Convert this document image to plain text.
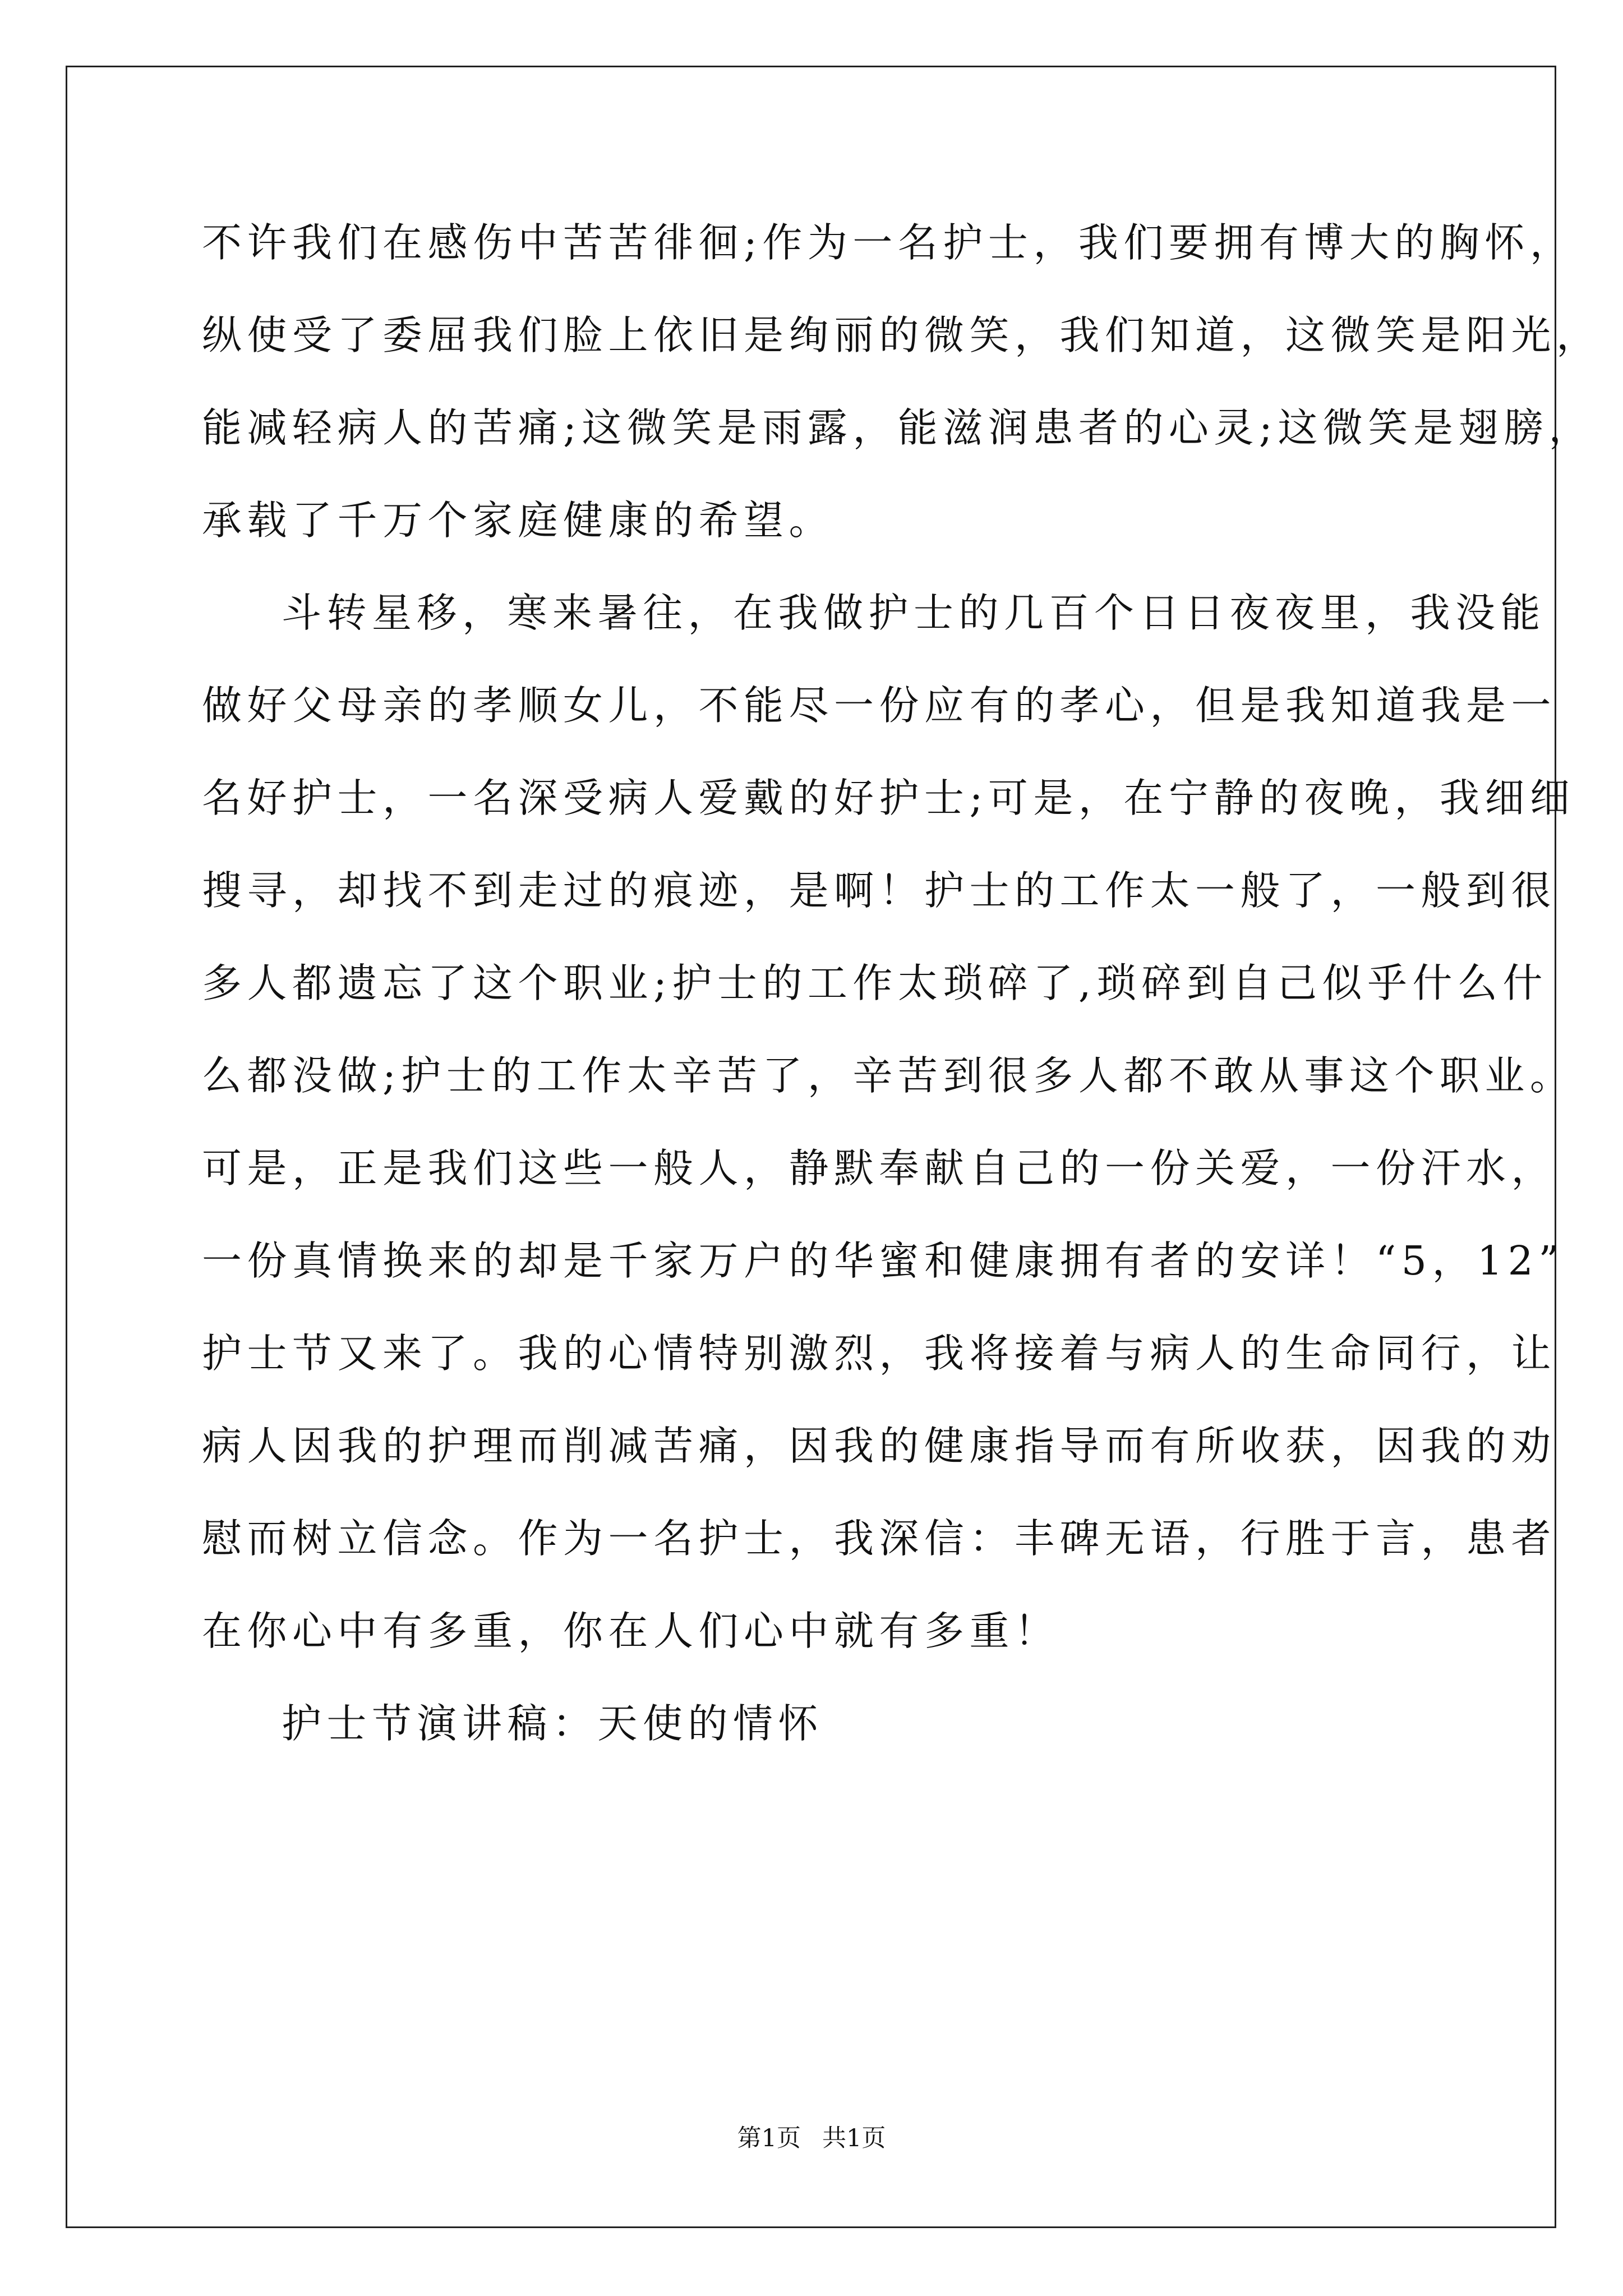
不许我们在感伤中苦苦徘徊;作为一名护士，我们要拥有博大的胸怀，
纵使受了委屈我们脸上依旧是绚丽的微笑，我们知道，这微笑是阳光，
能减轻病人的苦痛;这微笑是雨露，能滋润患者的心灵;这微笑是翅膀，
承载了千万个家庭健康的希望。
斗转星移，寒来暑往，在我做护士的几百个日日夜夜里，我没能
做好父母亲的孝顺女儿，不能尽一份应有的孝心，但是我知道我是一
名好护士，一名深受病人爱戴的好护士;可是，在宁静的夜晚，我细细
搜寻，却找不到走过的痕迹，是啊！护士的工作太一般了，一般到很
多人都遗忘了这个职业;护士的工作太琐碎了,琐碎到自己似乎什么什
么都没做;护士的工作太辛苦了，辛苦到很多人都不敢从事这个职业。
可是，正是我们这些一般人，静默奉献自己的一份关爱，一份汗水，
一份真情换来的却是千家万户的华蜜和健康拥有者的安详！“5，12”
护士节又来了。我的心情特别激烈，我将接着与病人的生命同行，让
病人因我的护理而削减苦痛，因我的健康指导而有所收获，因我的劝
慰而树立信念。作为一名护士，我深信：丰碑无语，行胜于言，患者
在你心中有多重，你在人们心中就有多重！
护士节演讲稿：天使的情怀
第1页 共1页
